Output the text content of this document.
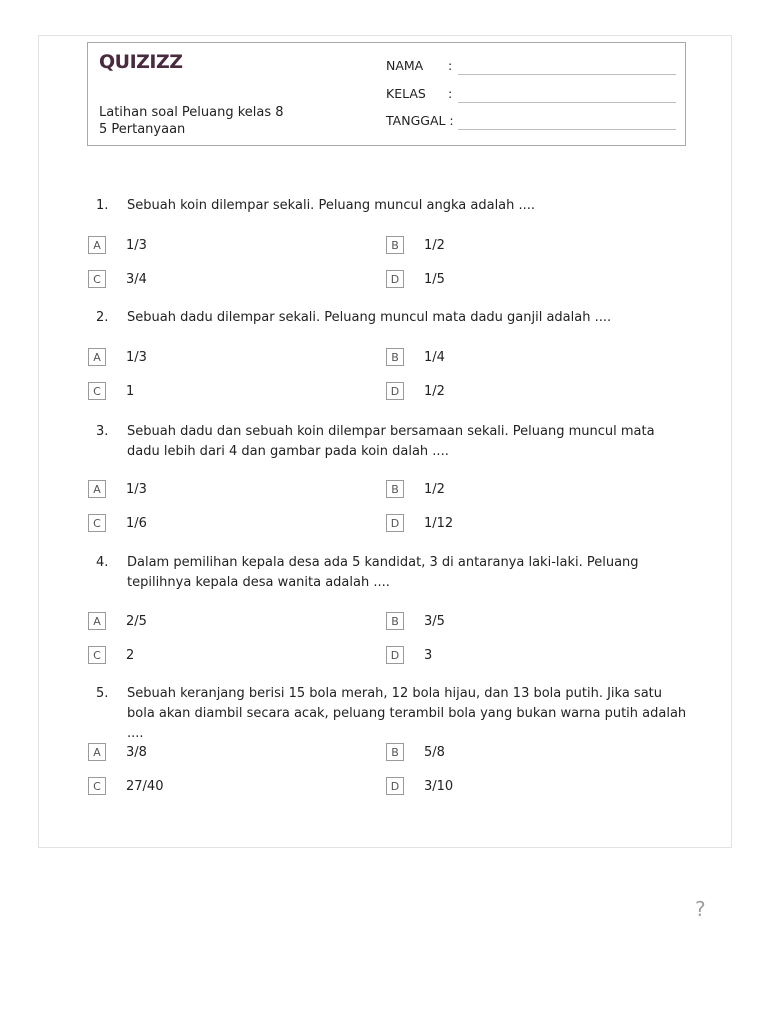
QUIZIZZ
Latihan soal Peluang kelas 8
5 Pertanyaan
NAMA :
KELAS :
TANGGAL :
1. Sebuah koin dilempar sekali. Peluang muncul angka adalah ....
A	1/3	B	1/2
C	3/4	D	1/5
2. Sebuah dadu dilempar sekali. Peluang muncul mata dadu ganjil adalah ....
A	1/3	B	1/4
C	1	D	1/2
3. Sebuah dadu dan sebuah koin dilempar bersamaan sekali. Peluang muncul mata dadu lebih dari 4 dan gambar pada koin dalah ....
A	1/3	B	1/2
C	1/6	D	1/12
4. Dalam pemilihan kepala desa ada 5 kandidat, 3 di antaranya laki-laki. Peluang tepilihnya kepala desa wanita adalah ....
A	2/5	B	3/5
C	2	D	3
5. Sebuah keranjang berisi 15 bola merah, 12 bola hijau, dan 13 bola putih. Jika satu bola akan diambil secara acak, peluang terambil bola yang bukan warna putih adalah ....
A	3/8	B	5/8
C	27/40	D	3/10
?
